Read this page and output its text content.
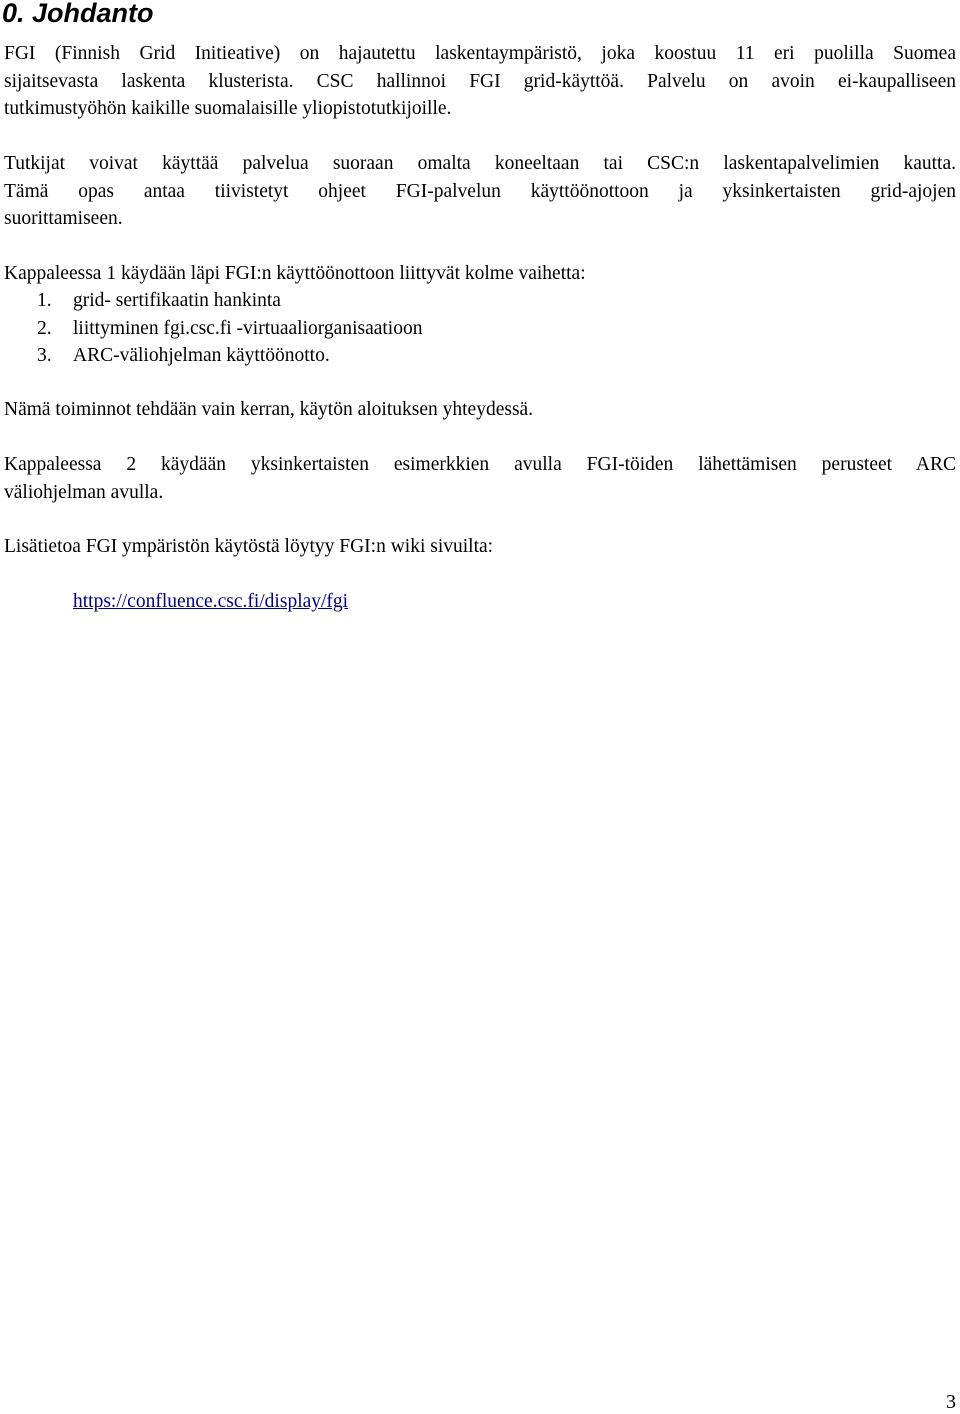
0. Johdanto

FGI (Finnish Grid Initieative) on hajautettu laskentaympäristö, joka koostuu 11 eri puolilla Suomea
sijaitsevasta laskenta klusterista. CSC hallinnoi FGI grid-käyttöä. Palvelu on avoin ei-kaupalliseen
tutkimustyöhön kaikille suomalaisille yliopistotutkijoille.

Tutkijat voivat käyttää palvelua suoraan omalta koneeltaan tai CSC:n laskentapalvelimien kautta.
Tämä opas antaa tiivistetyt ohjeet FGI-palvelun käyttöönottoon ja yksinkertaisten grid-ajojen
suorittamiseen.

Kappaleessa 1 käydään läpi FGI:n käyttöönottoon liittyvät kolme vaihetta:

1. grid- sertifikaatin hankinta
2. liittyminen fgi.csc.fi -virtuaaliorganisaatioon
3. ARC-väliohjelman käyttöönotto.

Nämä toiminnot tehdään vain kerran, käytön aloituksen yhteydessä.

Kappaleessa 2 käydään yksinkertaisten esimerkkien avulla FGI-töiden lähettämisen perusteet ARC
väliohjelman avulla.

Lisätietoa FGI ympäristön käytöstä löytyy FGI:n wiki sivuilta:

https://confluence.csc.fi/display/fgi
3
